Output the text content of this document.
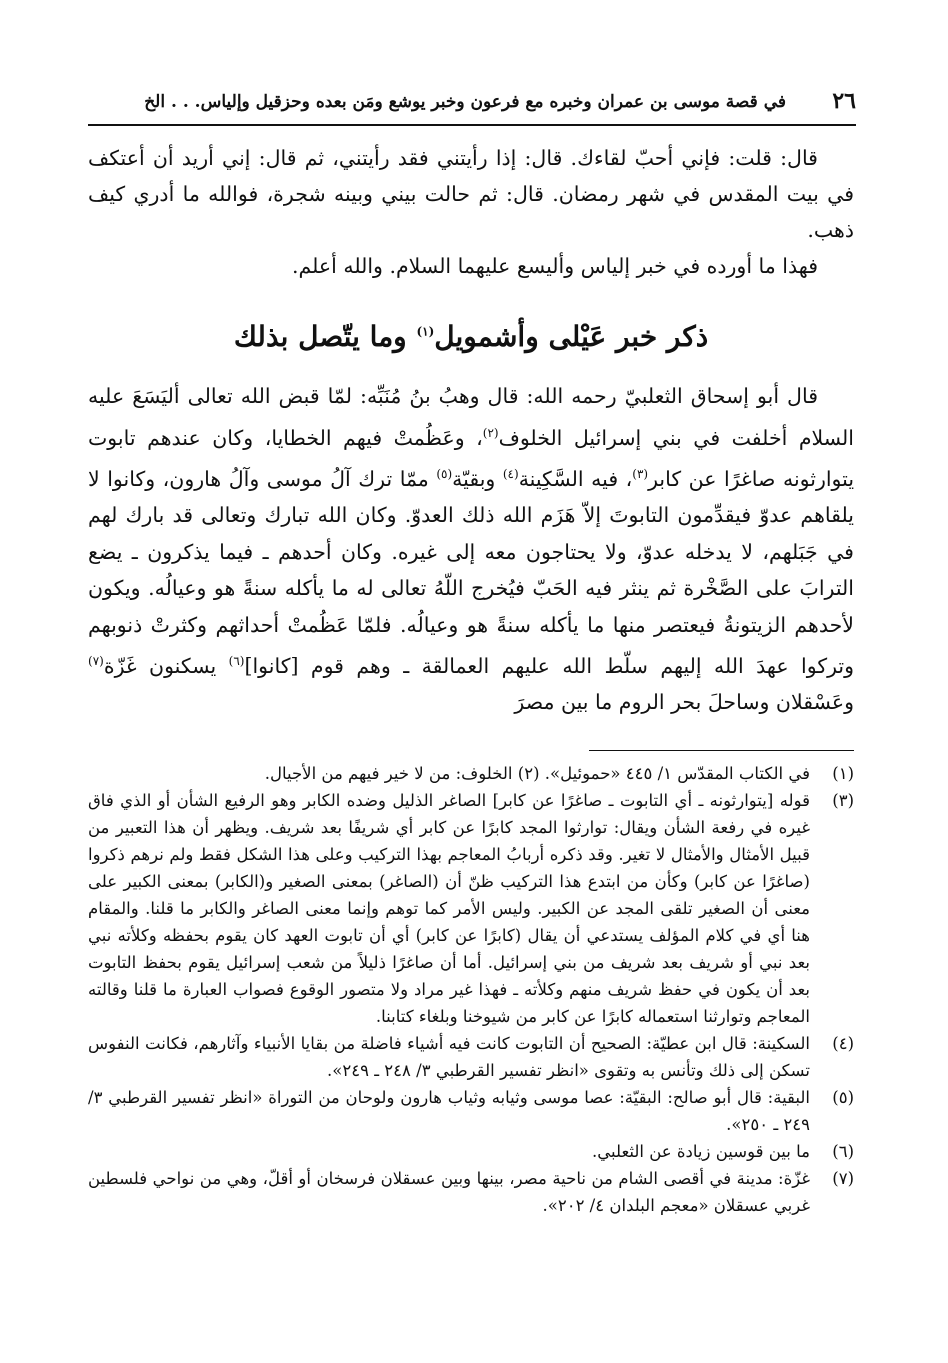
٢٦
في قصة موسى بن عمران وخبره مع فرعون وخبر يوشع ومَن بعده وحزقيل وإلياس. . . الخ

قال: قلت: فإني أحبّ لقاءك. قال: إذا رأيتني فقد رأيتني، ثم قال: إني أريد أن أعتكف في بيت المقدس في شهر رمضان. قال: ثم حالت بيني وبينه شجرة، فوالله ما أدري كيف ذهب.

فهذا ما أورده في خبر إلياس وأليسع عليهما السلام. والله أعلم.

ذكر خبر عَيْلى وأشمويل$^{(١)}$ وما يتّصل بذلك

قال أبو إسحاق الثعلبيّ رحمه الله: قال وهبُ بنُ مُنَبِّه: لمّا قبض الله تعالى أليَسَعَ عليه السلام أخلفت في بني إسرائيل الخلوف$^{(٢)}$، وعَظُمتْ فيهم الخطايا، وكان عندهم تابوت يتوارثونه صاغرًا عن كابر$^{(٣)}$، فيه السَّكِينة$^{(٤)}$ وبقيّة$^{(٥)}$ ممّا ترك آلُ موسى وآلُ هارون، وكانوا لا يلقاهم عدوّ فيقدِّمون التابوتَ إلاّ هَزَم الله ذلك العدوّ. وكان الله تبارك وتعالى قد بارك لهم في جَبَلهم، لا يدخله عدوّ، ولا يحتاجون معه إلى غيره. وكان أحدهم ـ فيما يذكرون ـ يضع الترابَ على الصَّخْرة ثم ينثر فيه الحَبّ فيُخرج اللّهُ تعالى له ما يأكله سنةً هو وعيالُه. ويكون لأحدهم الزيتونةُ فيعتصر منها ما يأكله سنةً هو وعيالُه. فلمّا عَظُمتْ أحداثهم وكثرتْ ذنوبهم وتركوا عهدَ الله إليهم سلّط الله عليهم العمالقة ـ وهم قوم [كانوا]$^{(٦)}$ يسكنون غَزّة$^{(٧)}$ وعَسْقلان وساحلَ بحر الروم ما بين مصرَ

(١)
في الكتاب المقدّس ١/ ٤٤٥ «حموئيل». (٢) الخلوف: من لا خير فيهم من الأجيال.
(٣)
قوله [يتوارثونه ـ أي التابوت ـ صاغرًا عن كابر] الصاغر الذليل وضده الكابر وهو الرفيع الشأن أو الذي فاق غيره في رفعة الشأن ويقال: توارثوا المجد كابرًا عن كابر أي شريفًا بعد شريف. ويظهر أن هذا التعبير من قبيل الأمثال والأمثال لا تغير. وقد ذكره أربابُ المعاجم بهذا التركيب وعلى هذا الشكل فقط ولم نرهم ذكروا (صاغرًا عن كابر) وكأن من ابتدع هذا التركيب ظنّ أن (الصاغر) بمعنى الصغير و(الكابر) بمعنى الكبير على معنى أن الصغير تلقى المجد عن الكبير. وليس الأمر كما توهم وإنما معنى الصاغر والكابر ما قلنا. والمقام هنا أي في كلام المؤلف يستدعي أن يقال (كابرًا عن كابر) أي أن تابوت العهد كان يقوم بحفظه وكلأته نبي بعد نبي أو شريف بعد شريف من بني إسرائيل. أما أن صاغرًا ذليلاً من شعب إسرائيل يقوم بحفظ التابوت بعد أن يكون في حفظ شريف منهم وكلأته ـ فهذا غير مراد ولا متصور الوقوع فصواب العبارة ما قلنا وقالته المعاجم وتوارثنا استعماله كابرًا عن كابر من شيوخنا وبلغاء كتابنا.
(٤)
السكينة: قال ابن عطيّة: الصحيح أن التابوت كانت فيه أشياء فاضلة من بقايا الأنبياء وآثارهم، فكانت النفوس تسكن إلى ذلك وتأنس به وتقوى «انظر تفسير القرطبي ٣/ ٢٤٨ ـ ٢٤٩».
(٥)
البقية: قال أبو صالح: البقيّة: عصا موسى وثيابه وثياب هارون ولوحان من التوراة «انظر تفسير القرطبي ٣/ ٢٤٩ ـ ٢٥٠».
(٦)
ما بين قوسين زيادة عن الثعلبي.
(٧)
غزّة: مدينة في أقصى الشام من ناحية مصر، بينها وبين عسقلان فرسخان أو أقلّ، وهي من نواحي فلسطين غربي عسقلان «معجم البلدان ٤/ ٢٠٢».
